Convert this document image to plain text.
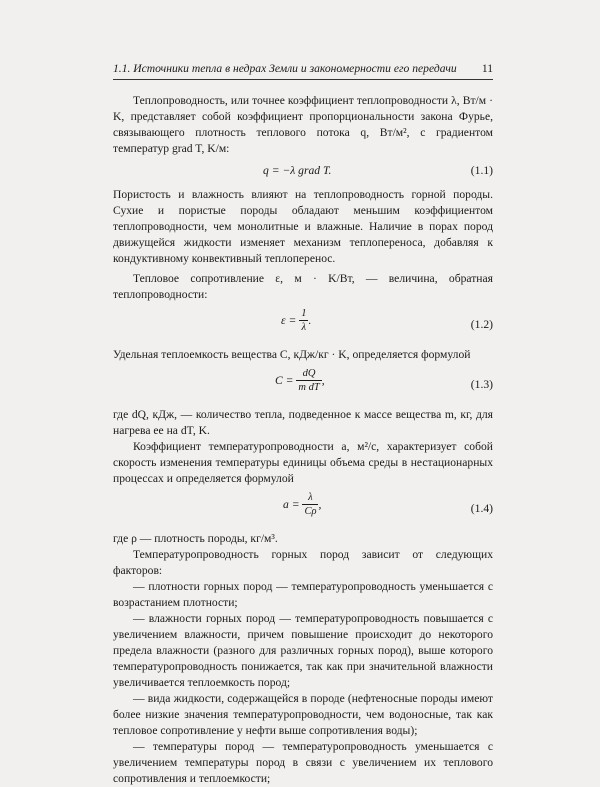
1.1. Источники тепла в недрах Земли и закономерности его передачи 11

Теплопроводность, или точнее коэффициент теплопроводности λ, Вт/м · K, представляет собой коэффициент пропорциональности закона Фурье, связывающего плотность теплового потока q, Вт/м², с градиентом температур grad T, K/м:

q = −λ grad T.	(1.1)

Пористость и влажность влияют на теплопроводность горной породы. Сухие и пористые породы обладают меньшим коэффициентом теплопроводности, чем монолитные и влажные. Наличие в порах пород движущейся жидкости изменяет механизм теплопереноса, добавляя к кондуктивному конвективный теплоперенос.

Тепловое сопротивление ε, м · K/Вт, — величина, обратная теплопроводности:

$\varepsilon = \frac{1}{\lambda}$ .	(1.2)

Удельная теплоемкость вещества C, кДж/кг · K, определяется формулой

$C = \frac{dQ}{\text{m dT}}$ ,	(1.3)

где dQ, кДж, — количество тепла, подведенное к массе вещества m, кг, для нагрева ее на dT, K.

Коэффициент температуропроводности a, м²/с, характеризует собой скорость изменения температуры единицы объема среды в нестационарных процессах и определяется формулой

$a = \frac{\lambda}{C\rho}$ ,	(1.4)

где ρ — плотность породы, кг/м³.

Температуропроводность горных пород зависит от следующих факторов:

— плотности горных пород — температуропроводность уменьшается с возрастанием плотности;

— влажности горных пород — температуропроводность повышается с увеличением влажности, причем повышение происходит до некоторого предела влажности (разного для различных горных пород), выше которого температуропроводность понижается, так как при значительной влажности увеличивается теплоемкость пород;

— вида жидкости, содержащейся в породе (нефтеносные породы имеют более низкие значения температуропроводности, чем водоносные, так как тепловое сопротивление у нефти выше сопротивления воды);

— температуры пород — температуропроводность уменьшается с увеличением температуры пород в связи с увеличением их теплового сопротивления и теплоемкости;
